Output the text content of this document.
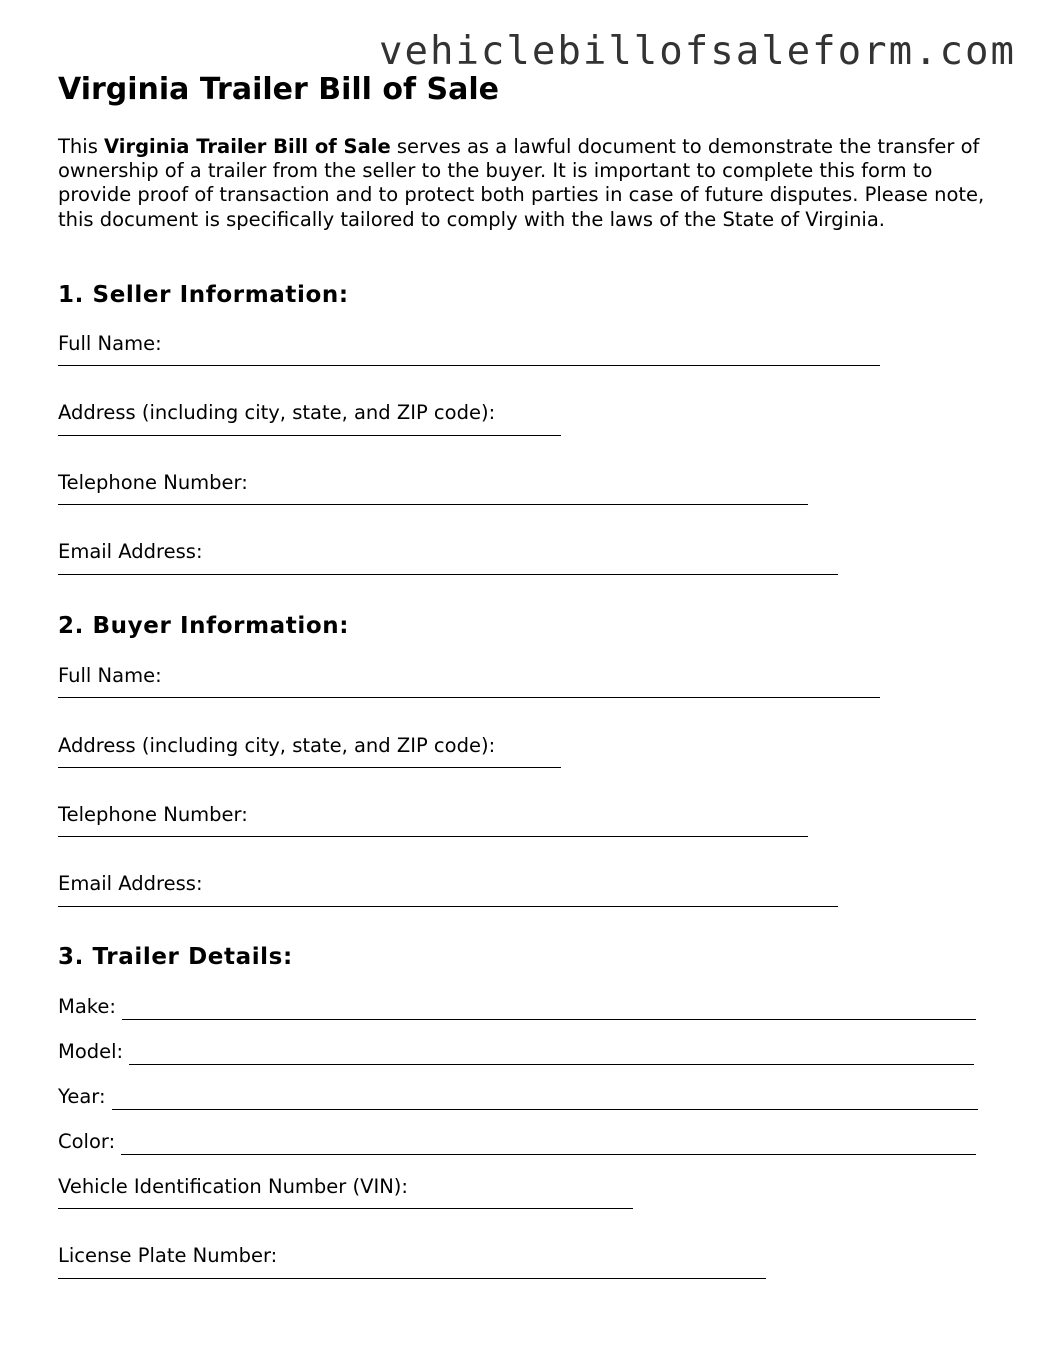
vehiclebillofsaleform.com
Virginia Trailer Bill of Sale

This Virginia Trailer Bill of Sale serves as a lawful document to demonstrate the transfer of ownership of a trailer from the seller to the buyer. It is important to complete this form to provide proof of transaction and to protect both parties in case of future disputes. Please note, this document is specifically tailored to comply with the laws of the State of Virginia.

1. Seller Information:
Full Name:
Address (including city, state, and ZIP code):
Telephone Number:
Email Address:
2. Buyer Information:
Full Name:
Address (including city, state, and ZIP code):
Telephone Number:
Email Address:
3. Trailer Details:
Make:
Model:
Year:
Color:
Vehicle Identification Number (VIN):
License Plate Number:
